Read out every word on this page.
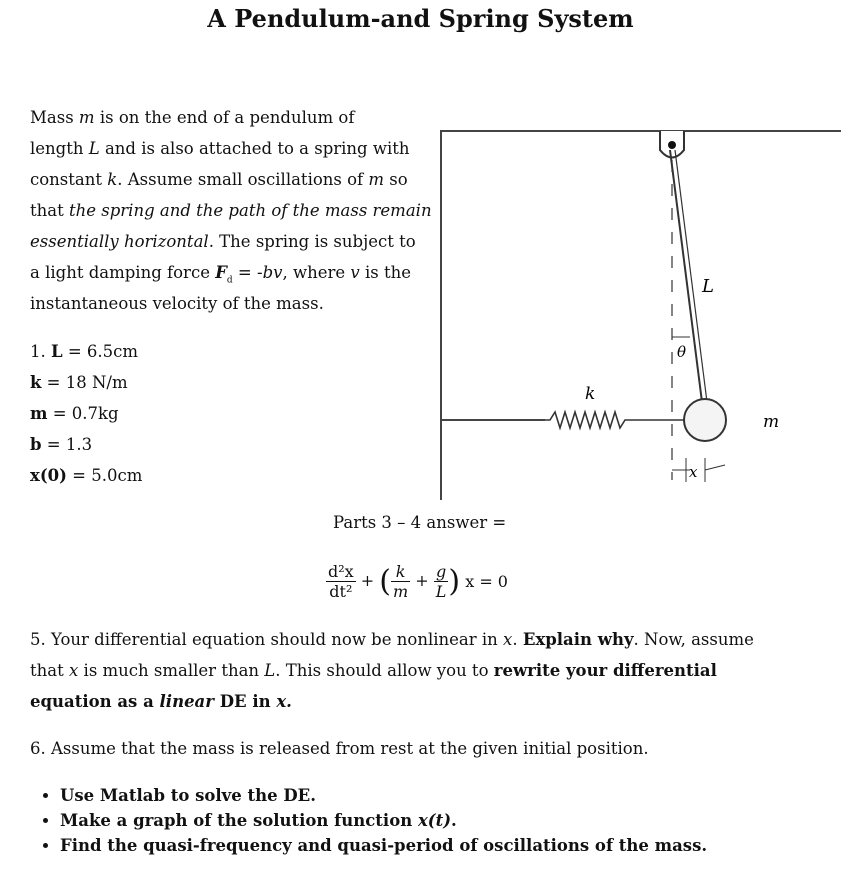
A Pendulum-and Spring System
Mass m is on the end of a pendulum of
length L and is also attached to a spring with
constant k. Assume small oscillations of m so
that the spring and the path of the mass remain
essentially horizontal. The spring is subject to
a light damping force $F_d = -bv$, where v is the
instantaneous velocity of the mass.
1. L = 6.5cm
k = 18 N/m
m = 0.7kg
b = 1.3
x(0) = 5.0cm
k
L
θ
m
x
Parts 3 – 4 answer =
$\frac{\text{d²x}}{\text{dt²}}$ + ( $\frac{k}{m} + \frac{g}{L}$ ) x = 0
5. Your differential equation should now be nonlinear in x. Explain why. Now, assume
that x is much smaller than L. This should allow you to rewrite your differential
equation as a linear DE in x.
6. Assume that the mass is released from rest at the given initial position.
• Use Matlab to solve the DE.
• Make a graph of the solution function x(t).
• Find the quasi-frequency and quasi-period of oscillations of the mass.
